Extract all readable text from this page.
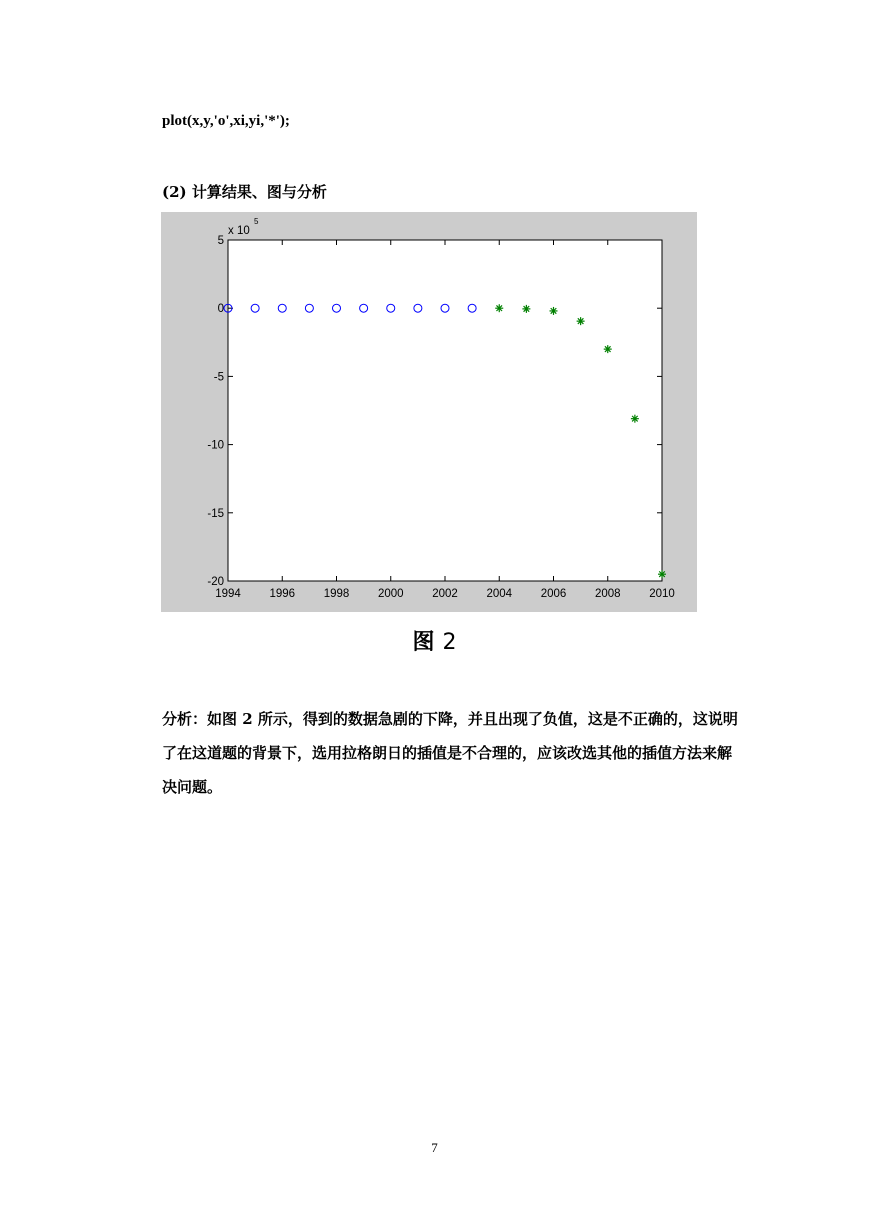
plot(x,y,'o',xi,yi,'*');
(2) 计算结果、图与分析
x 10
5
1994 1996 1998 2000 2002 2004 2006 2008 2010
5
0
-5
-10
-15
-20
图 2
分析：如图 2 所示，得到的数据急剧的下降，并且出现了负值，这是不正确的，这说明了在这道题的背景下，选用拉格朗日的插值是不合理的，应该改选其他的插值方法来解决问题。
7
